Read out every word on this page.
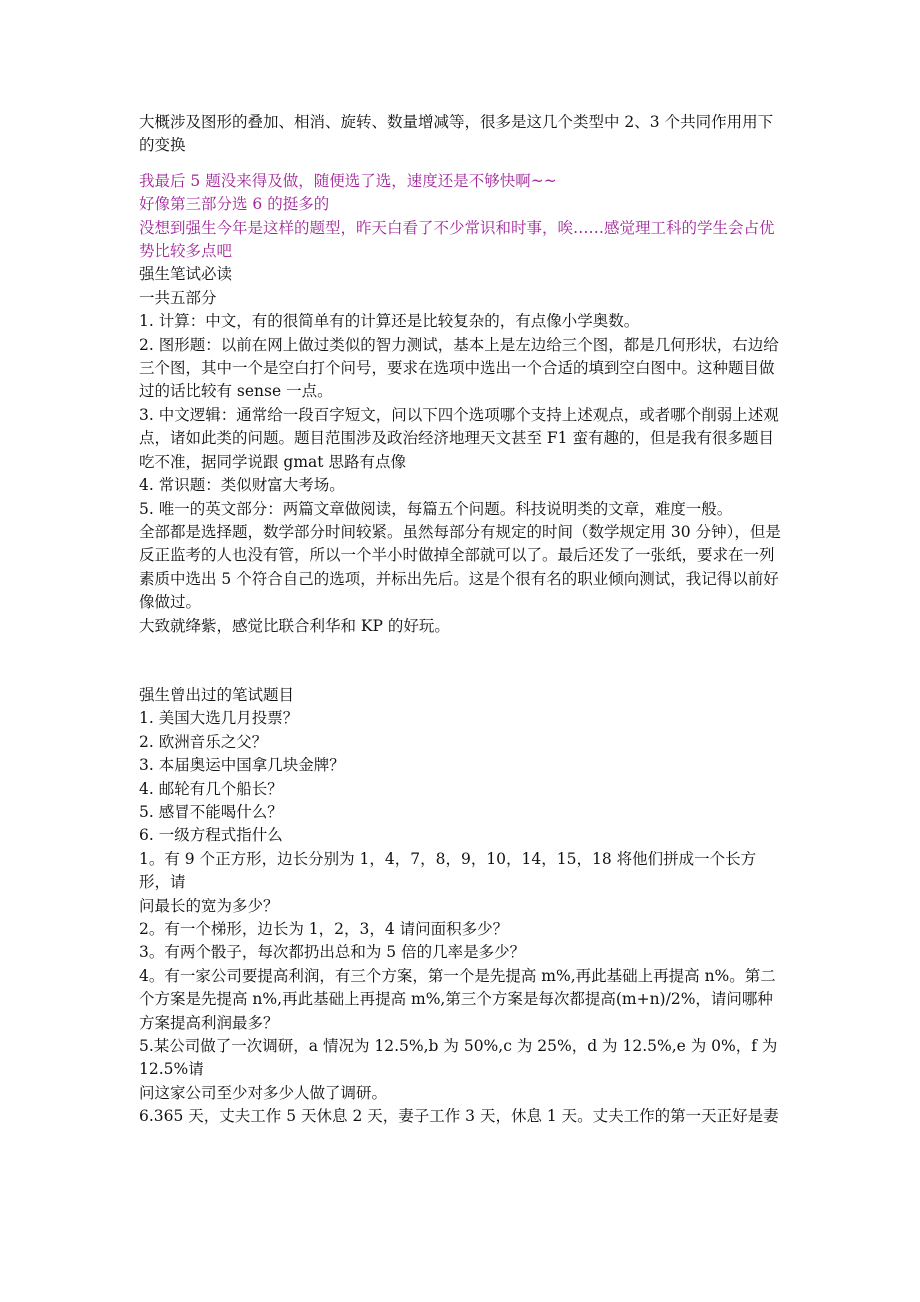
大概涉及图形的叠加、相消、旋转、数量增减等，很多是这几个类型中 2、3 个共同作用用下的变换

我最后 5 题没来得及做，随便选了选，速度还是不够快啊~~

好像第三部分选 6 的挺多的

没想到强生今年是这样的题型，昨天白看了不少常识和时事，唉……感觉理工科的学生会占优势比较多点吧

强生笔试必读

一共五部分

1. 计算：中文，有的很简单有的计算还是比较复杂的，有点像小学奥数。

2. 图形题：以前在网上做过类似的智力测试，基本上是左边给三个图，都是几何形状，右边给三个图，其中一个是空白打个问号，要求在选项中选出一个合适的填到空白图中。这种题目做过的话比较有 sense 一点。

3. 中文逻辑：通常给一段百字短文，问以下四个选项哪个支持上述观点，或者哪个削弱上述观点，诸如此类的问题。题目范围涉及政治经济地理天文甚至 F1 蛮有趣的，但是我有很多题目吃不准，据同学说跟 gmat 思路有点像

4. 常识题：类似财富大考场。

5. 唯一的英文部分：两篇文章做阅读，每篇五个问题。科技说明类的文章，难度一般。

全部都是选择题，数学部分时间较紧。虽然每部分有规定的时间（数学规定用 30 分钟），但是反正监考的人也没有管，所以一个半小时做掉全部就可以了。最后还发了一张纸，要求在一列素质中选出 5 个符合自己的选项，并标出先后。这是个很有名的职业倾向测试，我记得以前好像做过。

大致就绛紫，感觉比联合利华和 KP 的好玩。

强生曾出过的笔试题目

1. 美国大选几月投票？

2. 欧洲音乐之父？

3. 本届奥运中国拿几块金牌？

4. 邮轮有几个船长？

5. 感冒不能喝什么？

6. 一级方程式指什么

1。有 9 个正方形，边长分别为 1，4，7，8，9，10，14，15，18 将他们拼成一个长方形，请

问最长的宽为多少？

2。有一个梯形，边长为 1，2，3，4 请问面积多少？

3。有两个骰子，每次都扔出总和为 5 倍的几率是多少？

4。有一家公司要提高利润，有三个方案，第一个是先提高 m%,再此基础上再提高 n%。第二个方案是先提高 n%,再此基础上再提高 m%,第三个方案是每次都提高(m+n)/2%，请问哪种方案提高利润最多？

5.某公司做了一次调研，a 情况为 12.5%,b 为 50%,c 为 25%，d 为 12.5%,e 为 0%，f 为 12.5%请

问这家公司至少对多少人做了调研。

6.365 天，丈夫工作 5 天休息 2 天，妻子工作 3 天，休息 1 天。丈夫工作的第一天正好是妻
